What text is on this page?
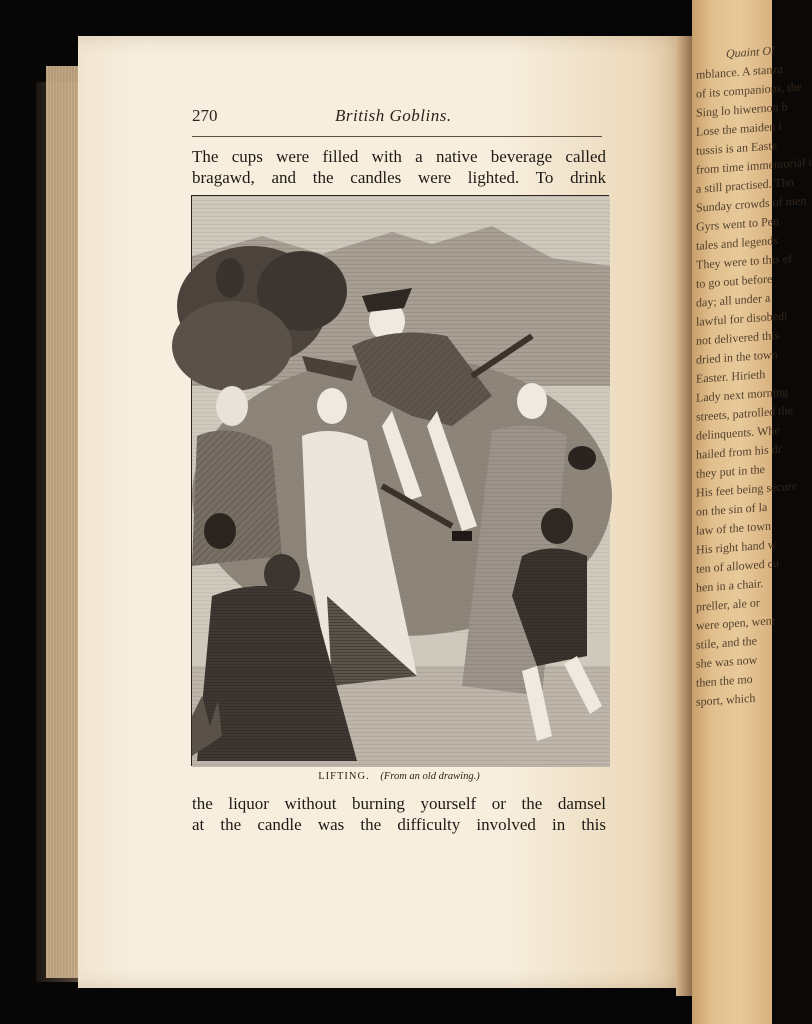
Quaint Ol
mblance. A stanza
of its companions, the
Sing lo hiwernon b
Lose the maiden i
tussis is an Easte
from time immemorial i
a still practised. Tho
Sunday crowds of men
Gyrs went to Pen
tales and legends
They were to this ef
to go out before
day; all under a
lawful for disobedi
not delivered this
dried in the town
Easter. Hirieth
Lady next morning
streets, patrolled the
delinquents. Whe
hailed from his dr
they put in the
His feet being secure
on the sin of la
law of the town
His right hand w
ten of allowed cu
hen in a chair.
preller, ale or
were open, went
stile, and the
she was now
then the mo
sport, which
270	British Goblins.
The cups were filled with a native beverage called
bragawd, and the candles were lighted. To drink
LIFTING. (From an old drawing.)
the liquor without burning yourself or the damsel
at the candle was the difficulty involved in this
